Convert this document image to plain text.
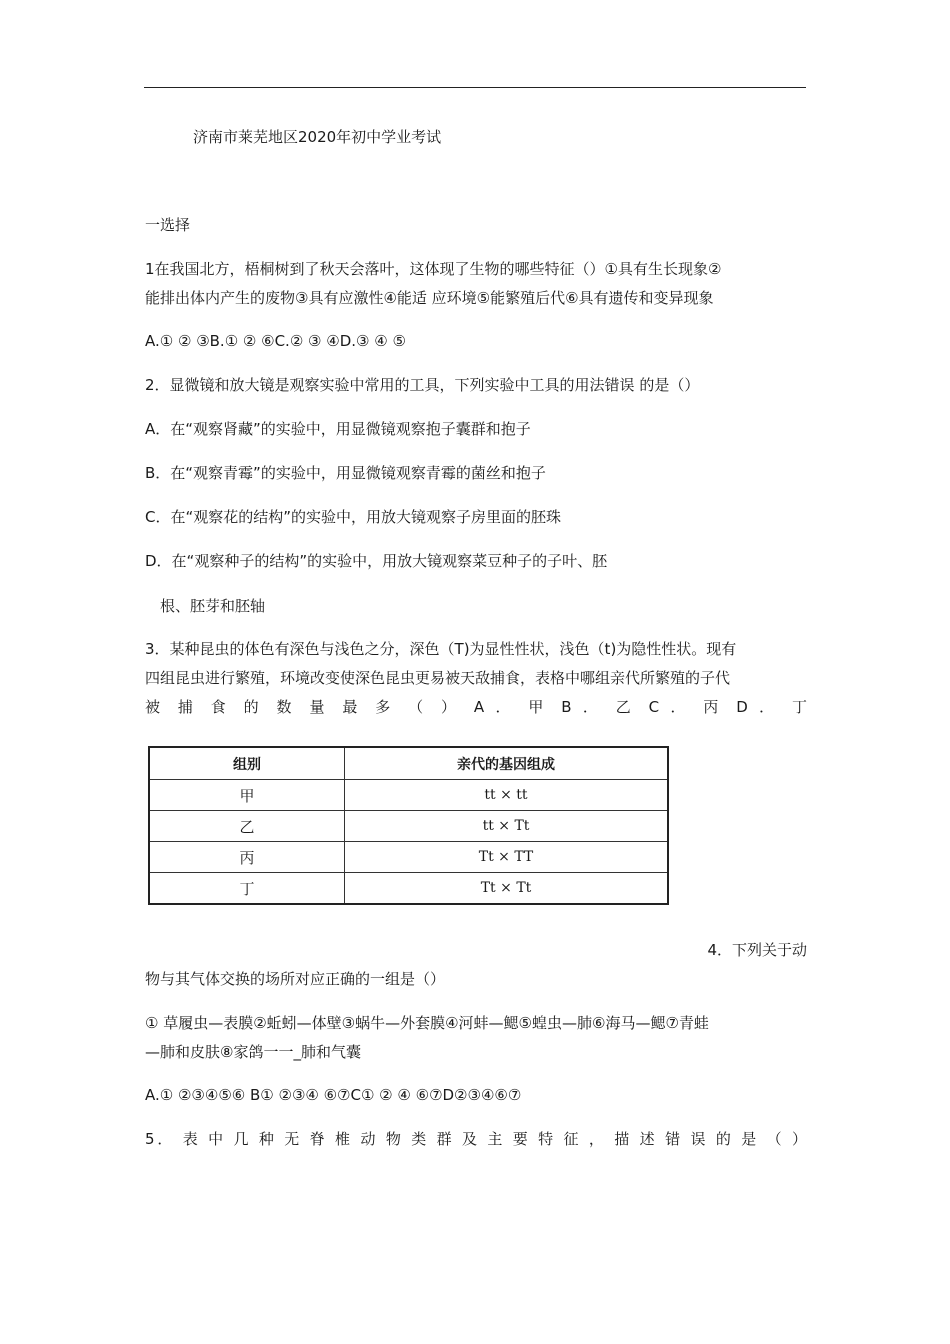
济南市莱芜地区2020年初中学业考试
一选择
1在我国北方，梧桐树到了秋天会落叶，这体现了生物的哪些特征（）①具有生长现象②
能排出体内产生的废物③具有应激性④能适 应环境⑤能繁殖后代⑥具有遗传和变异现象
A.① ② ③B.① ② ⑥C.② ③ ④D.③ ④ ⑤
2．显微镜和放大镜是观察实验中常用的工具，下列实验中工具的用法错误 的是（）
A．在“观察肾藏”的实验中，用显微镜观察抱子囊群和抱子
B．在“观察青霉”的实验中，用显微镜观察青霉的菌丝和抱子
C．在“观察花的结构”的实验中，用放大镜观察子房里面的胚珠
D．在“观察种子的结构”的实验中，用放大镜观察菜豆种子的子叶、胚
根、胚芽和胚轴
3．某种昆虫的体色有深色与浅色之分，深色（T)为显性性状，浅色（t)为隐性性状。现有
四组昆虫进行繁殖，环境改变使深色昆虫更易被天敌捕食，表格中哪组亲代所繁殖的子代
被 捕 食 的 数 量 最 多 （ ） A ． 甲 B ． 乙 C ． 丙 D ． 丁
组别	亲代的基因组成
甲	tt × tt
乙	tt × Tt
丙	Tt × TT
丁	Tt × Tt
4．下列关于动
物与其气体交换的场所对应正确的一组是（）
① 草履虫—表膜②蚯蚓—体壁③蜗牛—外套膜④河蚌—鳃⑤蝗虫—肺⑥海马—鳃⑦青蛙
—肺和皮肤⑧家鸽一一_肺和气囊
A.① ②③④⑤⑥ B① ②③④ ⑥⑦C① ② ④ ⑥⑦D②③④⑥⑦
5． 表 中 几 种 无 脊 椎 动 物 类 群 及 主 要 特 征 ， 描 述 错 误 的 是 （ ）
